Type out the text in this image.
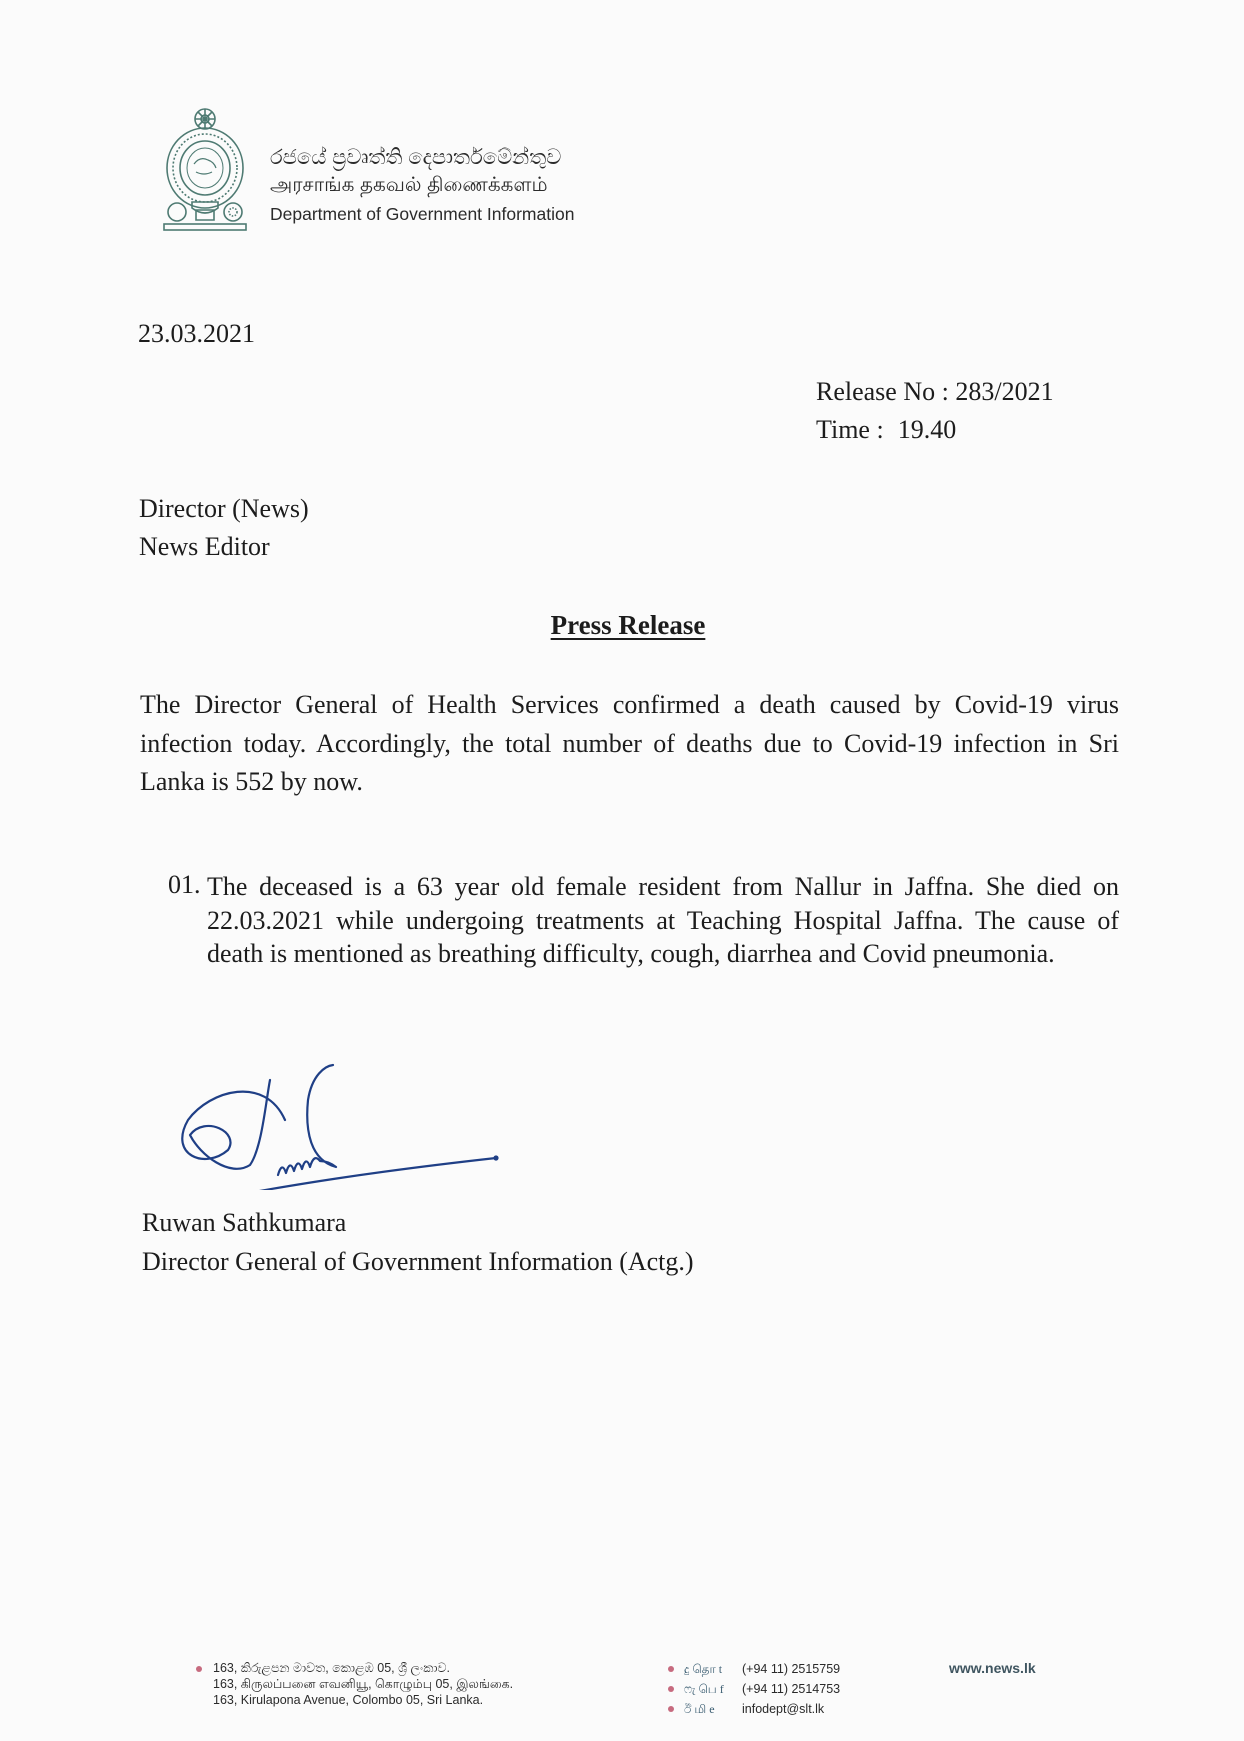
රජයේ ප්‍රවෘත්ති දෙපාර්තමේන්තුව
அரசாங்க தகவல் திணைக்களம்
Department of Government Information
23.03.2021
Release No : 283/2021
Time : 19.40
Director (News)
News Editor
Press Release
The Director General of Health Services confirmed a death caused by Covid-19 virus infection today. Accordingly, the total number of deaths due to Covid-19 infection in Sri Lanka is 552 by now.
01. The deceased is a 63 year old female resident from Nallur in Jaffna. She died on 22.03.2021 while undergoing treatments at Teaching Hospital Jaffna. The cause of death is mentioned as breathing difficulty, cough, diarrhea and Covid pneumonia.
Ruwan Sathkumara
Director General of Government Information (Actg.)
163, කිරුළපන මාවත, කොළඹ 05, ශ්‍රී ලංකාව.
163, கிருலப்பனை எவனியூ, கொழும்பு 05, இலங்கை.
163, Kirulapona Avenue, Colombo 05, Sri Lanka.
දු தொ t	(+94 11) 2515759
ෆැ பெ f	(+94 11) 2514753
ඊ மி e	infodept@slt.lk
www.news.lk
